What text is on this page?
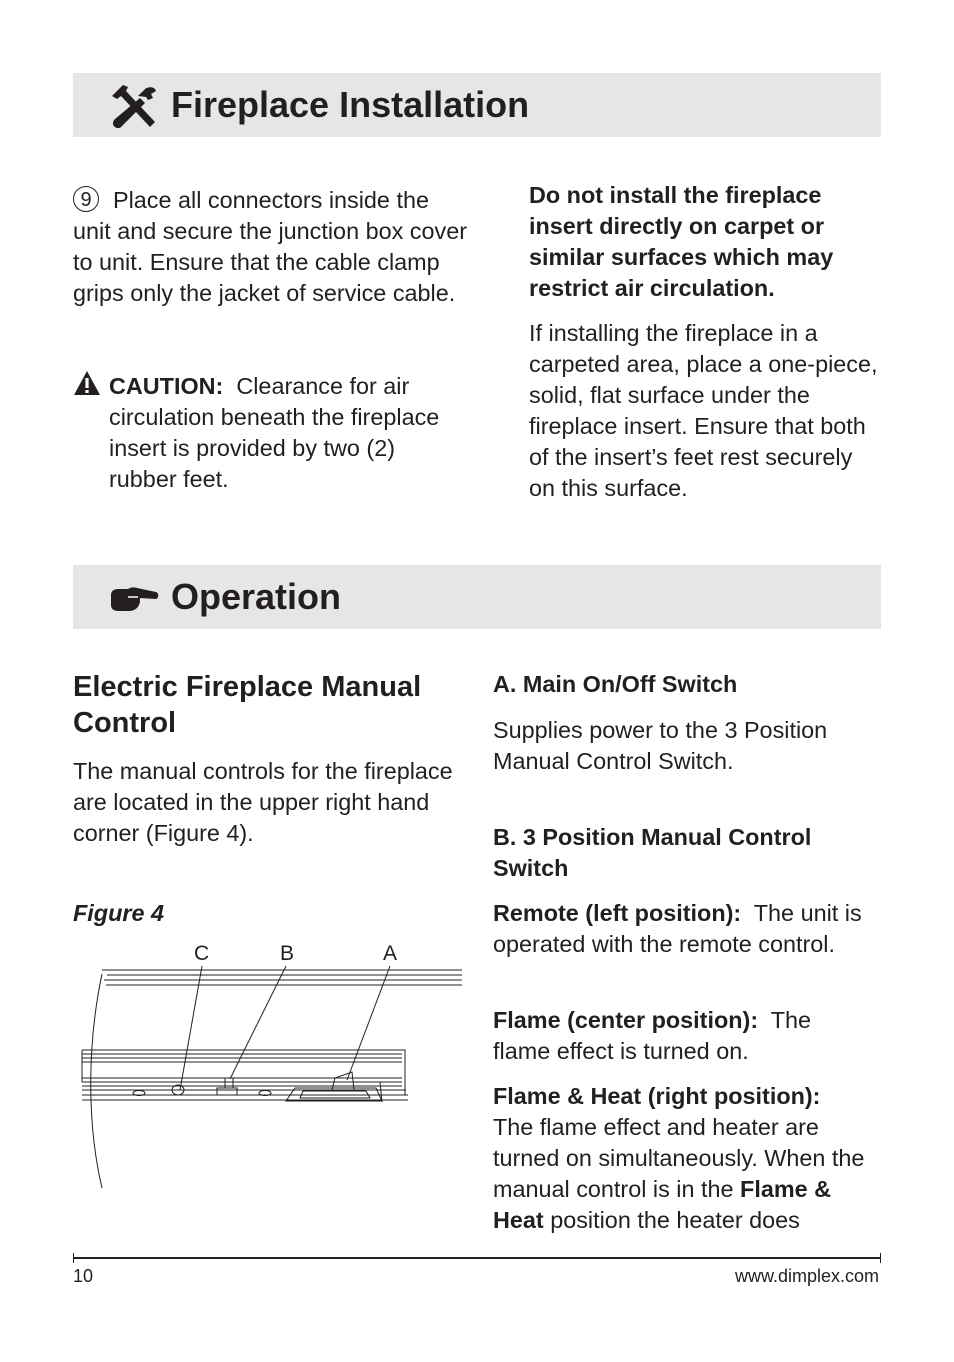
Fireplace Installation

9 Place all connectors inside the unit and secure the junction box cover to unit. Ensure that the cable clamp grips only the jacket of service cable.

CAUTION: Clearance for air circulation beneath the fireplace insert is provided by two (2) rubber feet.

Do not install the fireplace insert directly on carpet or similar surfaces which may restrict air circulation.
If installing the fireplace in a carpeted area, place a one-piece, solid, flat surface under the fireplace insert. Ensure that both of the insert’s feet rest securely on this surface.
Operation
Electric Fireplace Manual Control
The manual controls for the fireplace are located in the upper right hand corner (Figure 4).
Figure 4
C	B	A
A. Main On/Off Switch
Supplies power to the 3 Position Manual Control Switch.
B. 3 Position Manual Control Switch

Remote (left position): The unit is operated with the remote control.

Flame (center position): The flame effect is turned on.

Flame & Heat (right position):
The flame effect and heater are turned on simultaneously. When the manual control is in the Flame & Heat position the heater does

10	www.dimplex.com
